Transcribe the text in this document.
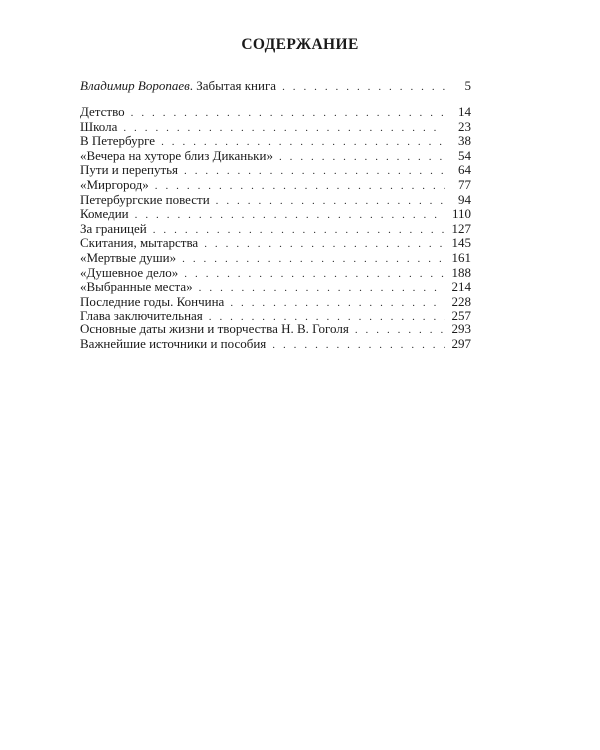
СОДЕРЖАНИЕ
Владимир Воропаев. Забытая книга . . .	5
Детство . . .	14
Школа . . .	23
В Петербурге . . .	38
«Вечера на хуторе близ Диканьки» . . .	54
Пути и перепутья . . .	64
«Миргород» . . .	77
Петербургские повести . . .	94
Комедии . . .	110
За границей . . .	127
Скитания, мытарства . . .	145
«Мертвые души» . . .	161
«Душевное дело» . . .	188
«Выбранные места» . . .	214
Последние годы. Кончина . . .	228
Глава заключительная . . .	257
Основные даты жизни и творчества Н. В. Гоголя . . .	293
Важнейшие источники и пособия . . .	297
